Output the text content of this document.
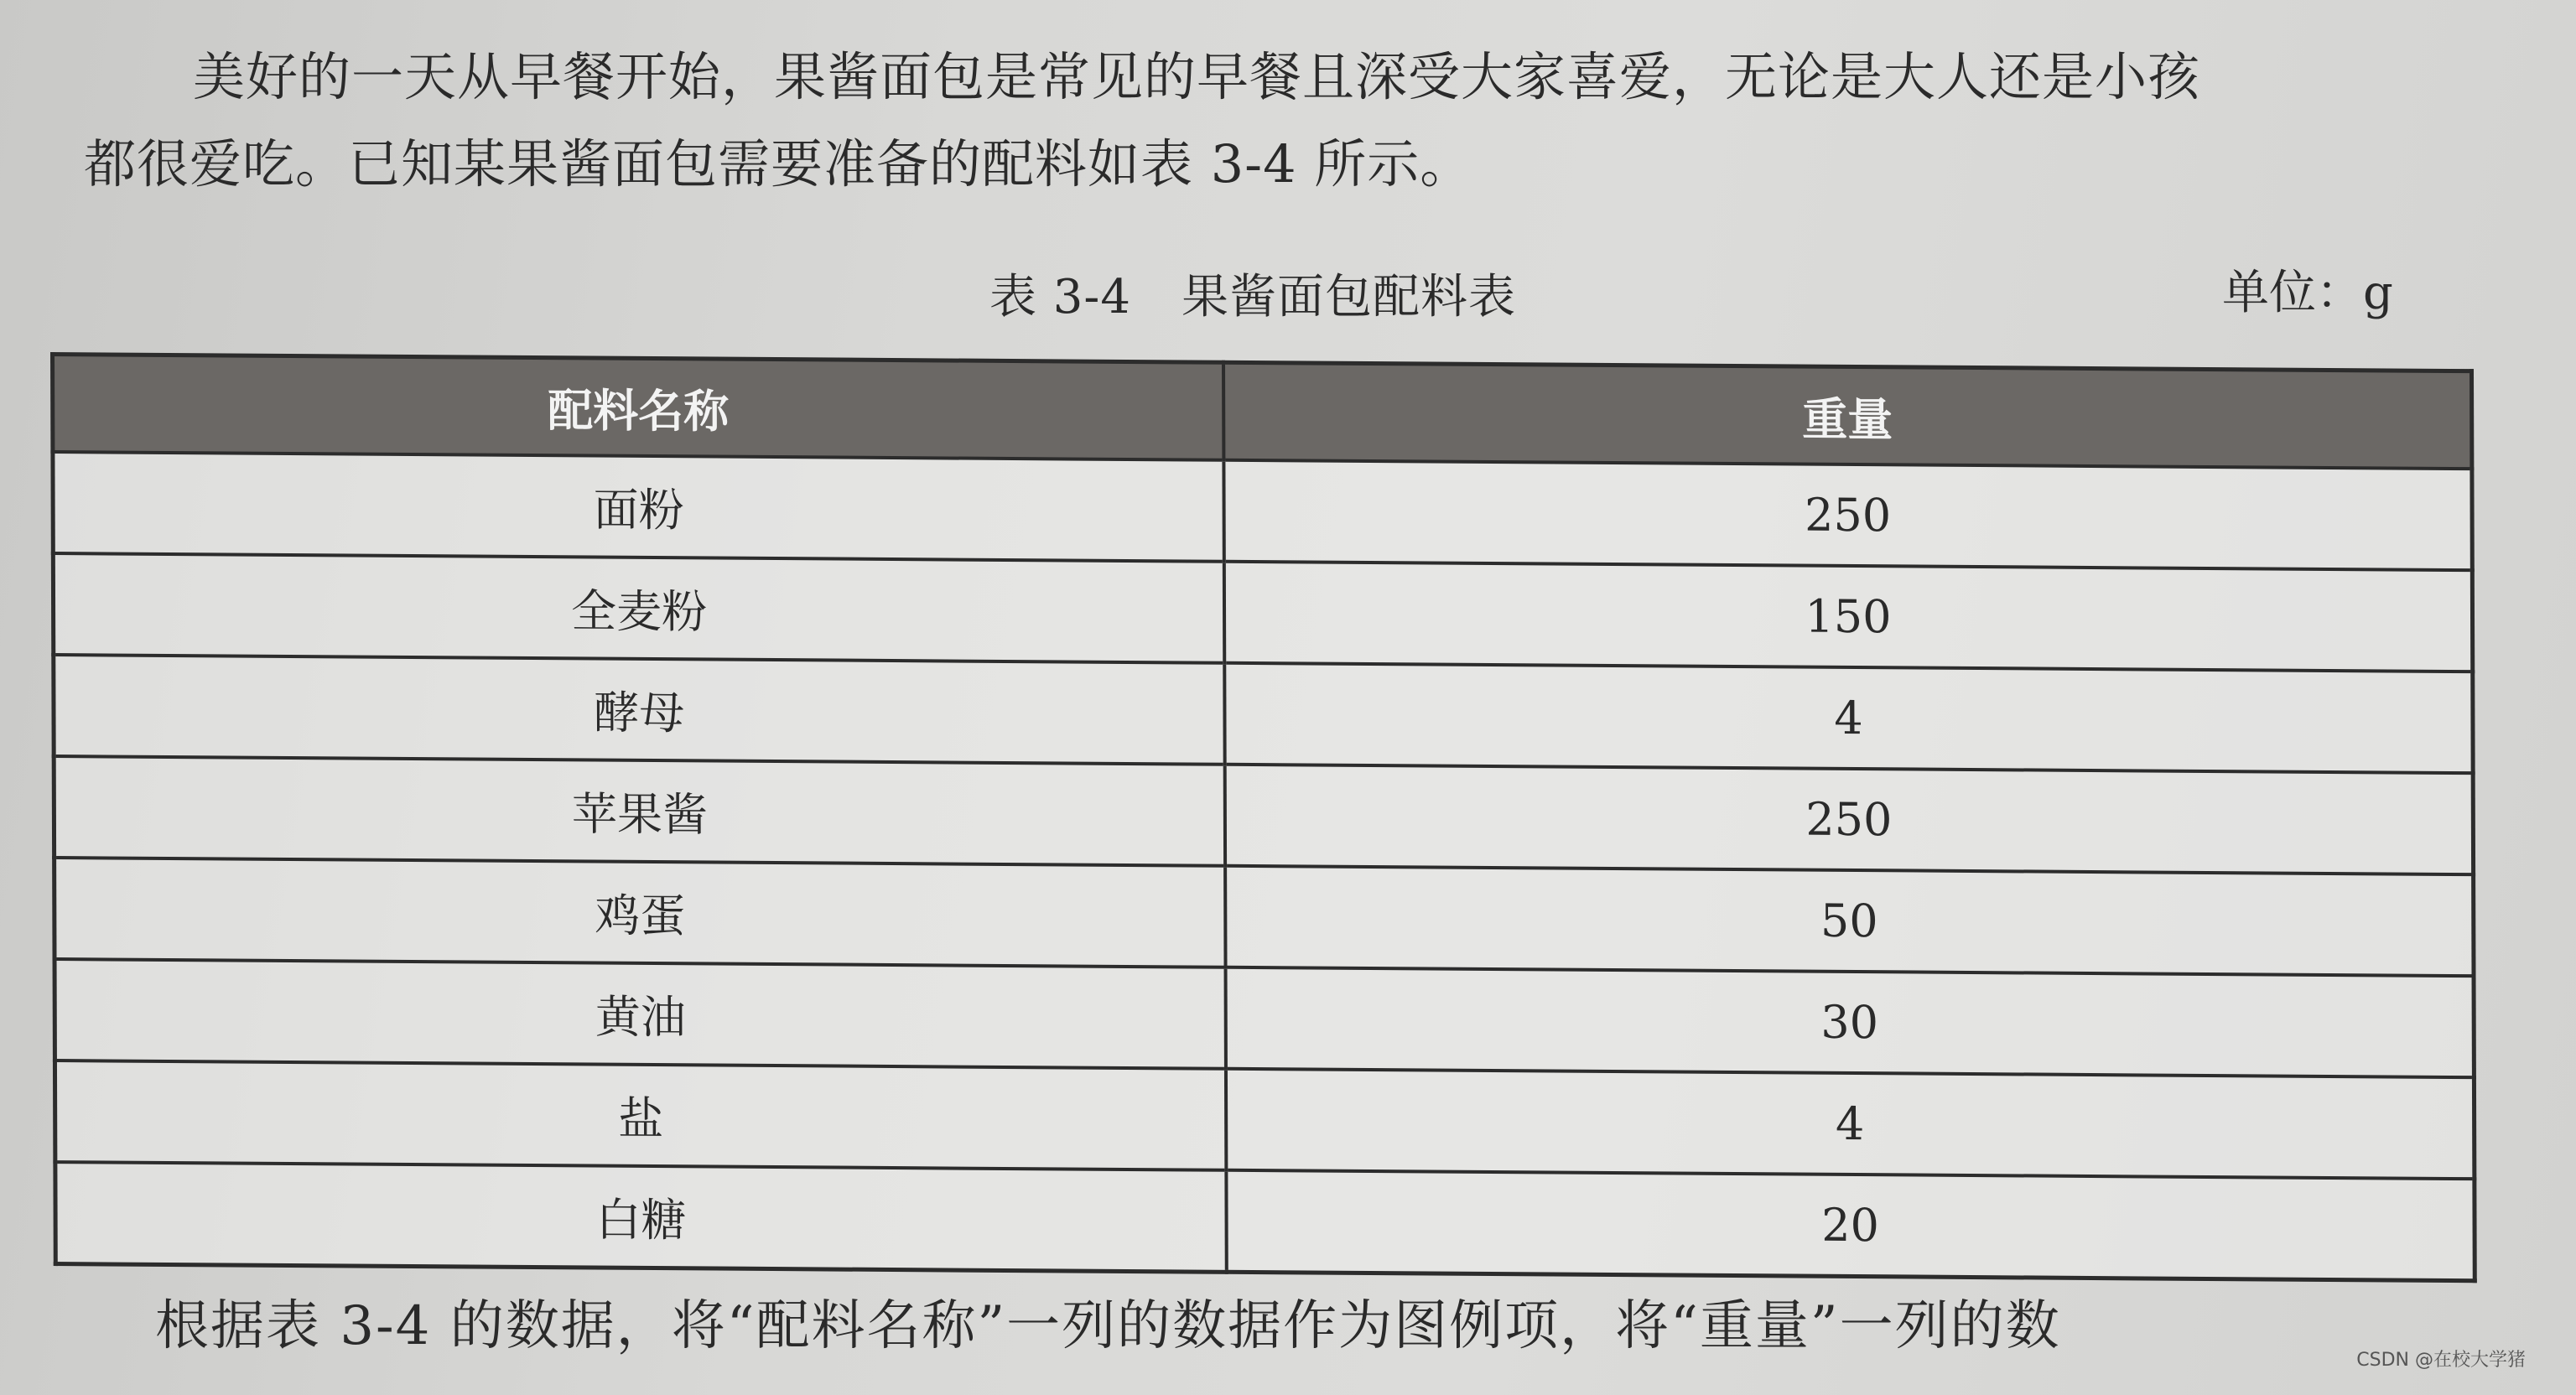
美好的一天从早餐开始，果酱面包是常见的早餐且深受大家喜爱，无论是大人还是小孩
都很爱吃。已知某果酱面包需要准备的配料如表 3-4 所示。
表 3-4 果酱面包配料表	单位：g
配料名称	重量
面粉	250
全麦粉	150
酵母	4
苹果酱	250
鸡蛋	50
黄油	30
盐	4
白糖	20
根据表 3-4 的数据，将“配料名称”一列的数据作为图例项，将“重量”一列的数
CSDN @在校大学猪
